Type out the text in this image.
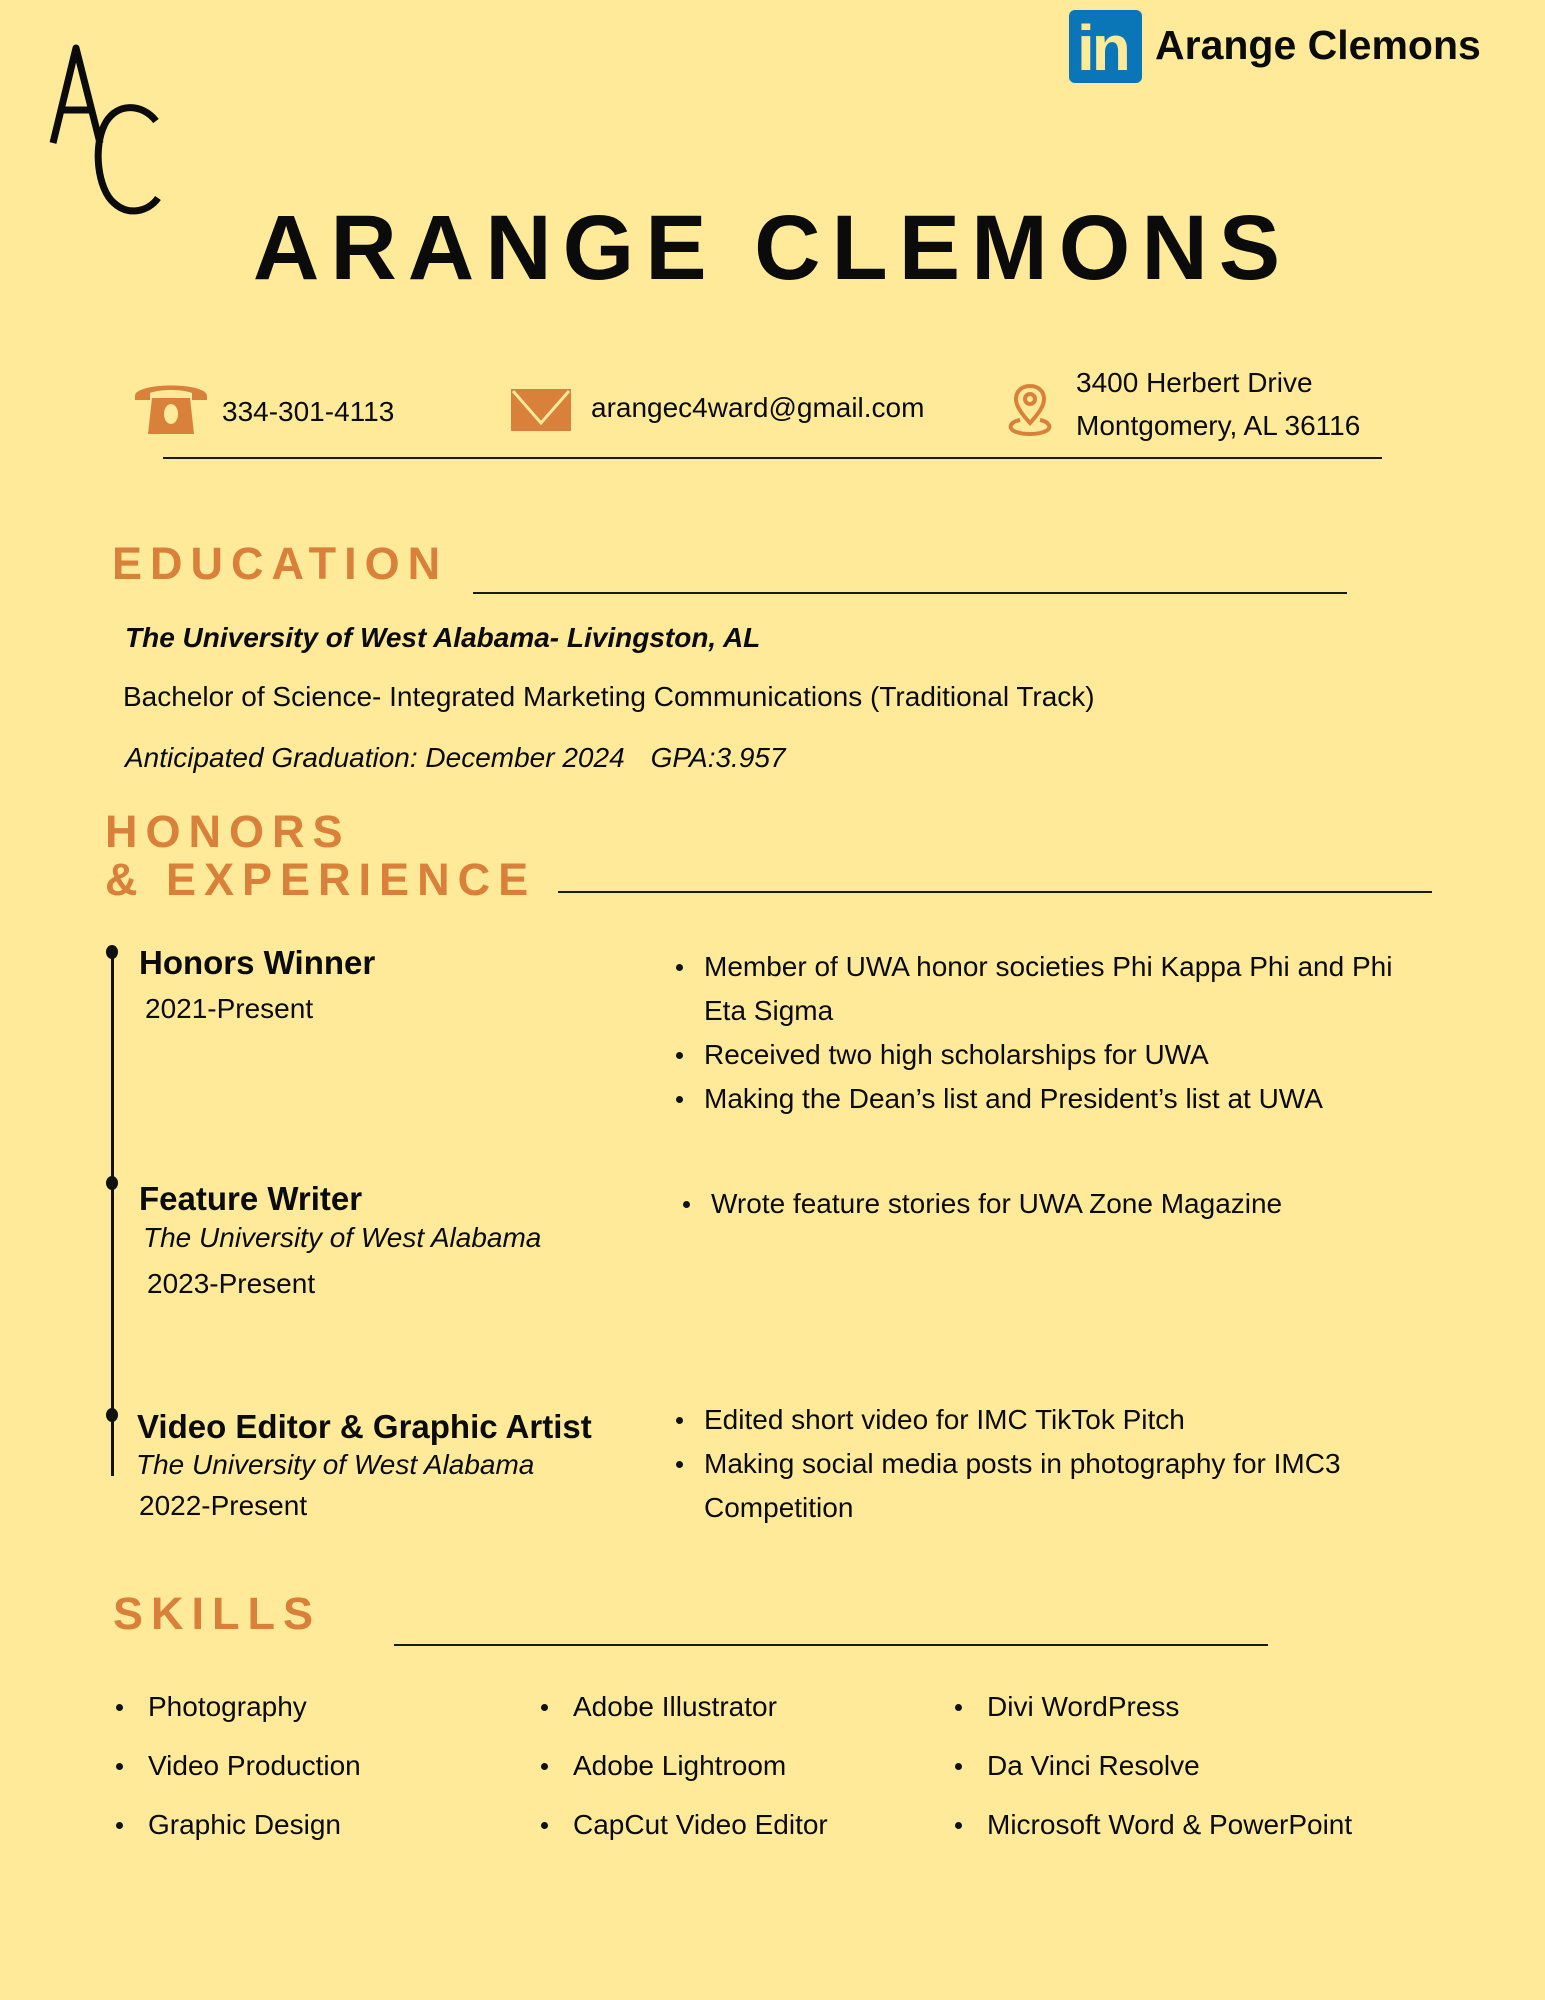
in Arange Clemons
ARANGE CLEMONS
334-301-4113	arangec4ward@gmail.com
3400 Herbert Drive
Montgomery, AL 36116
EDUCATION
The University of West Alabama- Livingston, AL
Bachelor of Science- Integrated Marketing Communications (Traditional Track)
Anticipated Graduation: December 2024 GPA:3.957
HONORS
& EXPERIENCE
Honors Winner
2021-Present
Member of UWA honor societies Phi Kappa Phi and Phi Eta Sigma
Received two high scholarships for UWA
Making the Dean’s list and President’s list at UWA
Feature Writer
The University of West Alabama
2023-Present
Wrote feature stories for UWA Zone Magazine
Video Editor & Graphic Artist
The University of West Alabama
2022-Present
Edited short video for IMC TikTok Pitch
Making social media posts in photography for IMC3 Competition
SKILLS
Photography
Video Production
Graphic Design
Adobe Illustrator
Adobe Lightroom
CapCut Video Editor
Divi WordPress
Da Vinci Resolve
Microsoft Word & PowerPoint
